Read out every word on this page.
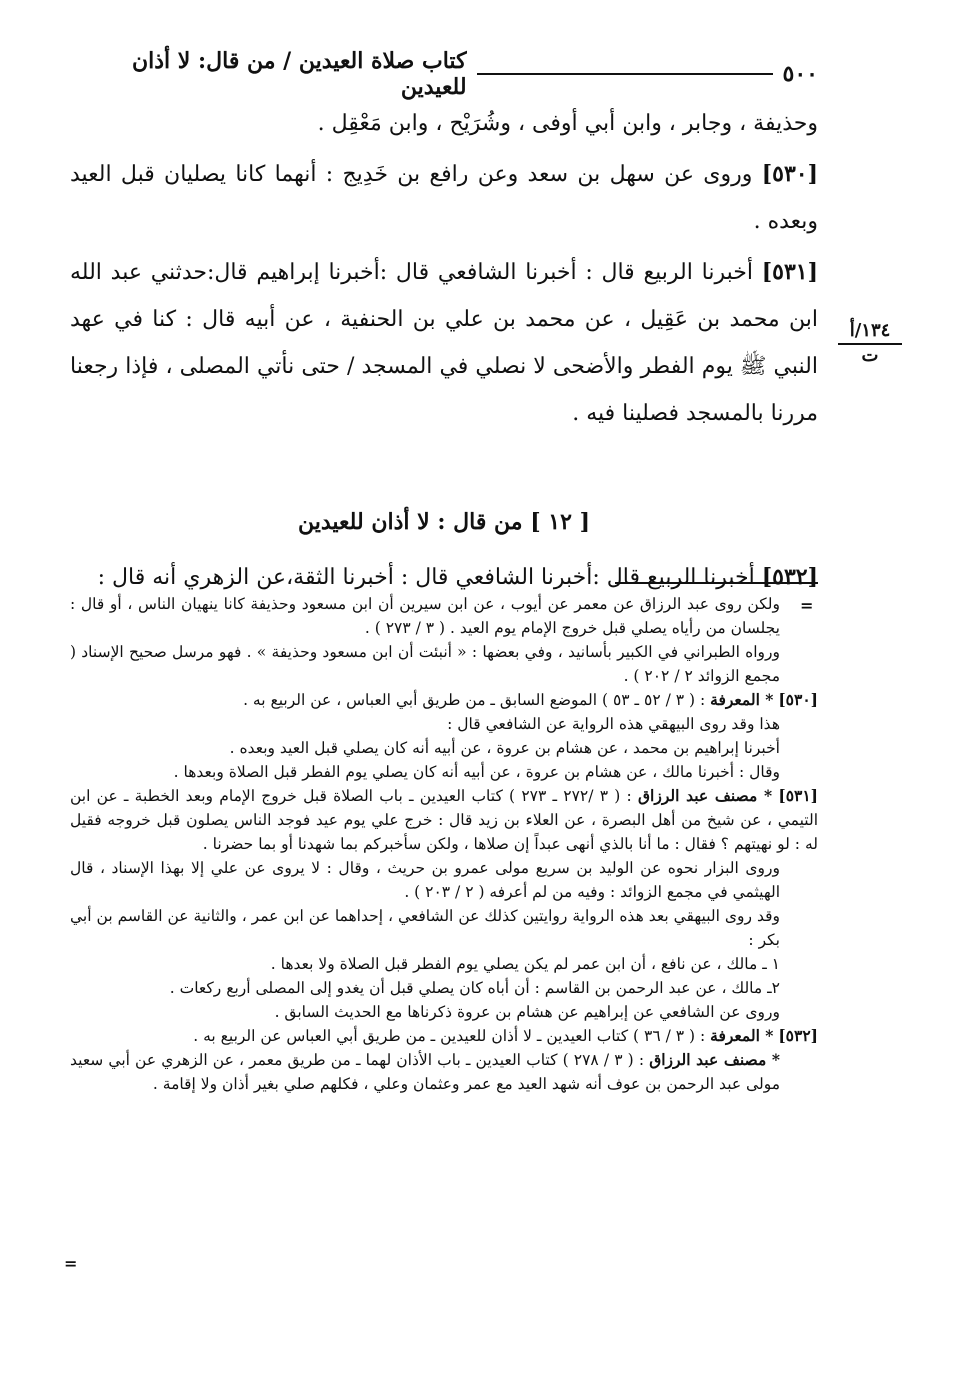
٥٠٠
كتاب صلاة العيدين / من قال: لا أذان للعيدين
١٣٤/أ
ت

وحذيفة ، وجابر ، وابن أبي أوفى ، وشُرَيْح ، وابن مَعْقِل .

[٥٣٠] وروى عن سهل بن سعد وعن رافع بن خَدِيج : أنهما كانا يصليان قبل العيد وبعده .

[٥٣١] أخبرنا الربيع قال : أخبرنا الشافعي قال :أخبرنا إبراهيم قال:حدثني عبد الله ابن محمد بن عَقِيل ، عن محمد بن علي بن الحنفية ، عن أبيه قال : كنا في عهد النبي ﷺ يوم الفطر والأضحى لا نصلي في المسجد / حتى نأتي المصلى ، فإذا رجعنا مررنا بالمسجد فصلينا فيه .

[ ١٢ ] من قال : لا أذان للعيدين

[٥٣٢] أخبرنا الربيع قال :أخبرنا الشافعي قال : أخبرنا الثقة،عن الزهري أنه قال :

=

ولكن روى عبد الرزاق عن معمر عن أيوب ، عن ابن سيرين أن ابن مسعود وحذيفة كانا ينهيان الناس ، أو قال : يجلسان من رأياه يصلي قبل خروج الإمام يوم العيد . ( ٣ / ٢٧٣ ) .

ورواه الطبراني في الكبير بأسانيد ، وفي بعضها : « أنبئت أن ابن مسعود وحذيفة » . فهو مرسل صحيح الإسناد ( مجمع الزوائد ٢ / ٢٠٢ ) .

[٥٣٠] * المعرفة : ( ٣ / ٥٢ ـ ٥٣ ) الموضع السابق ـ من طريق أبي العباس ، عن الربيع به .

هذا وقد روى البيهقي هذه الرواية عن الشافعي قال :

أخبرنا إبراهيم بن محمد ، عن هشام بن عروة ، عن أبيه أنه كان يصلي قبل العيد وبعده .

وقال : أخبرنا مالك ، عن هشام بن عروة ، عن أبيه أنه كان يصلي يوم الفطر قبل الصلاة وبعدها .

[٥٣١] * مصنف عبد الرزاق : ( ٣ /٢٧٢ ـ ٢٧٣ ) كتاب العيدين ـ باب الصلاة قبل خروج الإمام وبعد الخطبة ـ عن ابن التيمي ، عن شيخ من أهل البصرة ، عن العلاء بن زيد قال : خرج علي يوم عيد فوجد الناس يصلون قبل خروجه فقيل له : لو نهيتهم ؟ فقال : ما أنا بالذي أنهى عبداً إن صلاها ، ولكن سأخبركم بما شهدنا أو بما حضرنا .

وروى البزار نحوه عن الوليد بن سريع مولى عمرو بن حريث ، وقال : لا يروى عن علي إلا بهذا الإسناد ، قال الهيثمي في مجمع الزوائد : وفيه من لم أعرفه ( ٢ / ٢٠٣ ) .

وقد روى البيهقي بعد هذه الرواية روايتين كذلك عن الشافعي ، إحداهما عن ابن عمر ، والثانية عن القاسم بن أبي بكر :

١ ـ مالك ، عن نافع ، أن ابن عمر لم يكن يصلي يوم الفطر قبل الصلاة ولا بعدها .

٢ـ مالك ، عن عبد الرحمن بن القاسم : أن أباه كان يصلي قبل أن يغدو إلى المصلى أربع ركعات .

وروى عن الشافعي عن إبراهيم عن هشام بن عروة ذكرناها مع الحديث السابق .

[٥٣٢] * المعرفة : ( ٣ / ٣٦ ) كتاب العيدين ـ لا أذان للعيدين ـ من طريق أبي العباس عن الربيع به .

* مصنف عبد الرزاق : ( ٣ / ٢٧٨ ) كتاب العيدين ـ باب الأذان لهما ـ من طريق معمر ، عن الزهري عن أبي سعيد مولى عبد الرحمن بن عوف أنه شهد العيد مع عمر وعثمان وعلي ، فكلهم صلي بغير أذان ولا إقامة .

=
